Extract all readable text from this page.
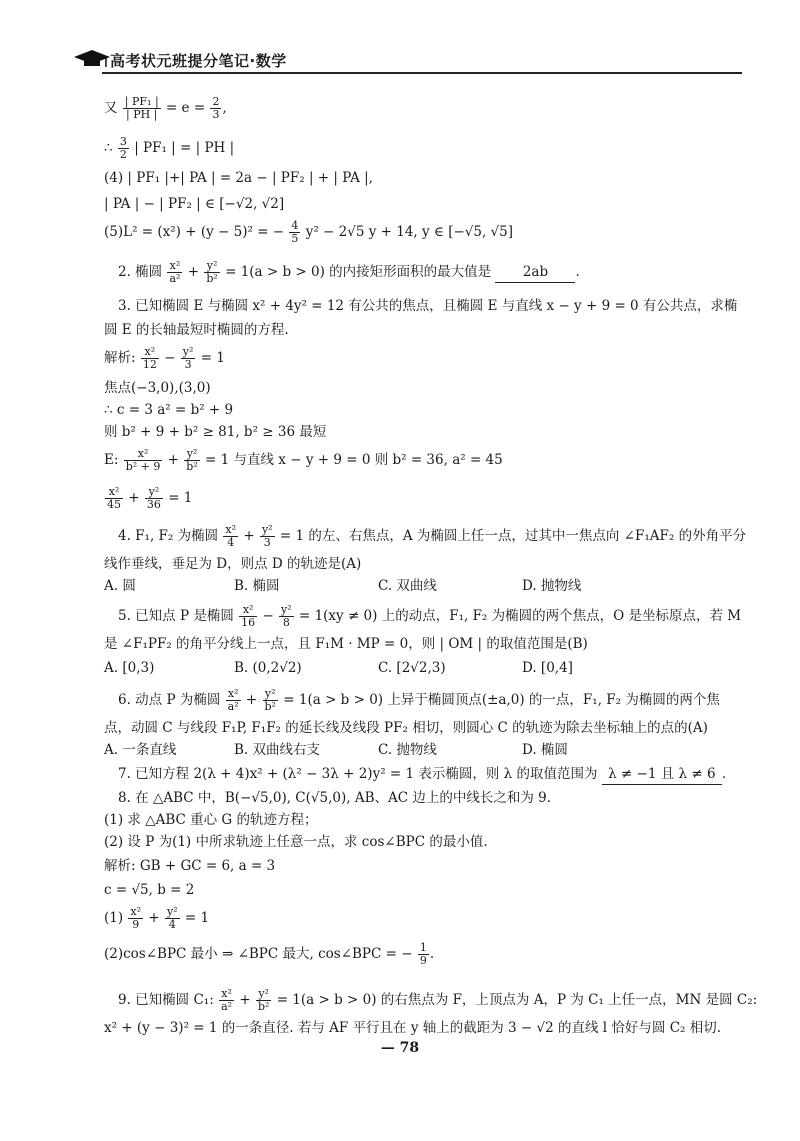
高考状元班提分笔记·数学
又 $\frac{\text{| PF₁ |}}{| PH |} = e = \frac{2}{3}$ ,
∴ $\frac{3}{2}$ | PF₁ | = | PH |
(4) | PF₁ |+| PA | = 2a − | PF₂ | + | PA |,
| PA | − | PF₂ | ∈ [−√2, √2]
(5)L² = (x²) + (y − 5)² = − $\frac{4}{5} y^2 - 2√5$ y + 14, y ∈ [−√5, √5]
2. 椭圆 $\frac{\text{x²}}{\text{a²}} + \frac{\text{y²}}{\text{b²}} = 1(a > b > 0)$ 的内接矩形面积的最大值是 2ab .
3. 已知椭圆 E 与椭圆 x² + 4y² = 12 有公共的焦点，且椭圆 E 与直线 x − y + 9 = 0 有公共点，求椭
圆 E 的长轴最短时椭圆的方程.
解析: $\frac{\text{x²}}{12} - \frac{\text{y²}}{3} = 1$
焦点(−3,0),(3,0)
∴ c = 3 a² = b² + 9
则 b² + 9 + b² ≥ 81, b² ≥ 36 最短
E: $\frac{\text{x²}}{\text{b² + 9}} + \frac{\text{y²}}{\text{b²}} = 1$ 与直线 x − y + 9 = 0 则 b² = 36, a² = 45
$\frac{\text{x²}}{45} + \frac{\text{y²}}{36} = 1$
4. F₁, F₂ 为椭圆 $\frac{\text{x²}}{4} + \frac{\text{y²}}{3} = 1$ 的左、右焦点，A 为椭圆上任一点，过其中一焦点向 ∠F₁AF₂ 的外角平分
线作垂线，垂足为 D，则点 D 的轨迹是(A)
A. 圆	B. 椭圆	C. 双曲线	D. 抛物线
5. 已知点 P 是椭圆 $\frac{\text{x²}}{16} - \frac{\text{y²}}{8} = 1(xy \ne 0)$ 上的动点，F₁, F₂ 为椭圆的两个焦点，O 是坐标原点，若 M
是 ∠F₁PF₂ 的角平分线上一点，且 F₁M · MP = 0，则 | OM | 的取值范围是(B)
A. [0,3)	B. (0,2√2)	C. [2√2,3)	D. [0,4]
6. 动点 P 为椭圆 $\frac{\text{x²}}{\text{a²}} + \frac{\text{y²}}{\text{b²}} = 1(a > b > 0)$ 上异于椭圆顶点(±a,0) 的一点，F₁, F₂ 为椭圆的两个焦
点，动圆 C 与线段 F₁P, F₁F₂ 的延长线及线段 PF₂ 相切，则圆心 C 的轨迹为除去坐标轴上的点的(A)
A. 一条直线	B. 双曲线右支	C. 抛物线	D. 椭圆
7. 已知方程 2(λ + 4)x² + (λ² − 3λ + 2)y² = 1 表示椭圆，则 λ 的取值范围为 λ ≠ −1 且 λ ≠ 6 .
8. 在 △ABC 中，B(−√5,0), C(√5,0), AB、AC 边上的中线长之和为 9.
(1) 求 △ABC 重心 G 的轨迹方程；
(2) 设 P 为(1) 中所求轨迹上任意一点，求 cos∠BPC 的最小值.
解析: GB + GC = 6, a = 3
c = √5, b = 2
$(1) \frac{\text{x²}}{9} + \frac{\text{y²}}{4} = 1$
(2)cos∠BPC 最小 ⇒ ∠BPC 最大, cos∠BPC = − $\frac{1}{9}$ .
9. 已知椭圆 C₁: $\frac{\text{x²}}{\text{a²}} + \frac{\text{y²}}{\text{b²}} = 1(a > b > 0)$ 的右焦点为 F，上顶点为 A，P 为 C₁ 上任一点，MN 是圆 C₂:
x² + (y − 3)² = 1 的一条直径. 若与 AF 平行且在 y 轴上的截距为 3 − √2 的直线 l 恰好与圆 C₂ 相切.
— 78
